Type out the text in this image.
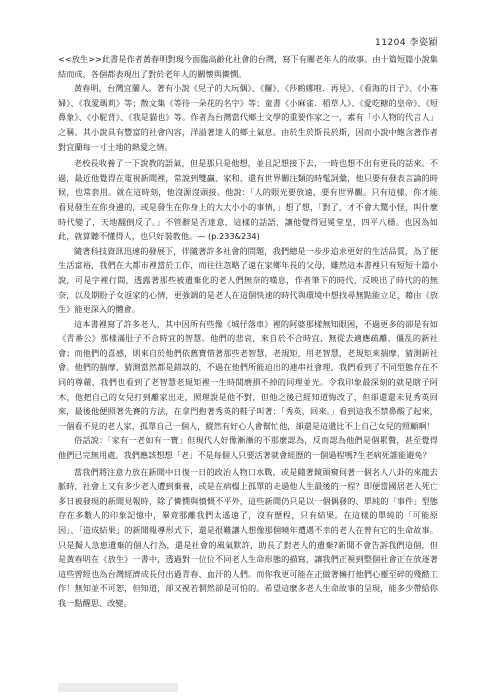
11204 李姿穎

<<放生>>此書是作者黃春明對現今面臨高齡化社會的台灣，寫下有關老年人的故事。由十篇短篇小說集結而成，各個都表現出了對於老年人的關懷與憐憫。

黃春明，台灣宜蘭人。著有小說《兒子的大玩偶》、《鑼》、《莎喲娜啦．再見》、《看海的日子》、《小寡婦》、《我愛瑪莉》等；散文集《等待一朵花的名字》等；童書《小麻雀．稻草人》、《愛吃糖的皇帝》、《短鼻象》、《小駝背》、《我是貓也》等。作者為台灣當代鄉土文學的重要作家之一，素有「小人物的代言人」之稱。其小說具有豐富的社會內容，洋溢著達人的鄉土氣息。由於生於斯長於斯，因而小說中飽含著作者對宜蘭每一寸土地的熱愛之情。

老校長收養了一下說教的語氣，但是那只是他想，並且記想接下去，一時也想不出有更長的話來。不過，最近他覺得在電視新聞裡，常說到雙贏、家和、還有世界關注類的時髦詞彙，他只要有發表言論的時候，也常套用。就在這時刻，他沒源沒頭接。他說：「人的眼光要放遠，要有世界觀。只有這樣，你才能看見發生在你身邊的，或是發生在你身上的大大小小的事情，」想了想，「對了，才不會大驚小怪，叫什麼時代變了，天地翻倒反了。」不管辭是否達意，這樣的話語，讓他覺得冠冕堂皇，四平八穩。也因為如此，就算聽不懂得人，也只好裝教他。— (p.233&234)

隨著科技資訊迅速的發展下，伴隨著許多社會的問題，我們總是一步步追求更好的生活品質，為了便生活富裕，我們在大都市裡當於工作，而往往忽略了遠在家鄉年長的父母，雖然這本書裡只有短短十篇小說，可是字裡行間，透露著那些被遺棄化的老人們無奈的嘆息，作者筆下的時代，反映出了時代的的無奈，以及期盼子女返家的心情，更強調的是老人在這個快速的時代與環境中想找尋無點能立足，藉由《放生》能更深入的體會。

這本書裡寫了許多老人，其中因所有些像《城仔落車》裡的阿婆那樣無知眼困，不過更多的卻是有如《青番公》那樣滿肚子不合時宜的智慧。他們的悲哀，來自於不合時宜，無從去適應疏離、僵乱的新社會；而他們的喜感，則來自於他們依舊寶惜著那些老智慧，老規矩，用老智慧，老規矩來揣摩，猜測新社會。他們的揣摩，猜測當然都是錯誤的，不過在他們所能迫出的連串社會理，我們看到了不同型態存在不同的尊嚴，我們也看到了老智慧老規矩裡一生時間磨損不掉的同理並光。令我印象最深刻的就是瞎子阿木，他把自己的女兒打到離家出走，照理說是他不對，但他之後已經知道悔改了，但卻還還未見秀英回來，最後他便照著先賽的方法，在拿門抱著秀英的鞋子叫著：「秀英，回來。」看到這我不禁鼻酸了起來，一個看不見的老人家，孤單自己一個人，縱然有好心人會幫忙他，卻還是這遺比不上自己女兒的照顧啊！

俗話說：「家有一老如有一寶」但現代人好像漸漸的不那麼認為，反而認為他們是個累贅，甚至覺得他們已完無用處。我們應該想想「老」不是每個人只要活著就會經歷的一個過程嗎?生老病死誰能避免？

當我們將注意力放在新聞中日復一日的政治人物口水戰，或是隨著鏡頭窺伺著一個名人八卦的來龍去脈時，社會上又有多少老人遭到棄養，或是在病榻上孤單的走過他人生最後的一程？即便當國居老人死亡多日被發現的新聞見報時，除了憐憫與憤慨不平外，這些新聞仍只是以一個偶發的、單純的「事件」型態存在多數人的印象記憶中，畢竟那離我們太遙遠了，沒有歷程，只有結果。在這樣的單純的「可能原因」、「造成結果」的新聞報導形式下，還是很難讓人想像那個曉年遭遇不幸的老人在曾有它的生命故事。只是擬人急患遺棄的個人行為，還是社會的風氣默許，助長了對老人的遺棄?新聞不會告訴我們這個，但是黃春明在《放生》一書中，透過對一位位不同老人生命形態的描寫，讓我們正視到整個社會正在放逐著這些曾經也為台灣經濟成長付出過青春、血汗的人們。而你我更可能在正做著擁打他們心靈至碎的殘酷工作！無知並不可恕，但知道，卻又視若惘然卻是可怕的。希望這麼多老人生命故事的呈現，能多少帶給你我一點醒思、改變。
